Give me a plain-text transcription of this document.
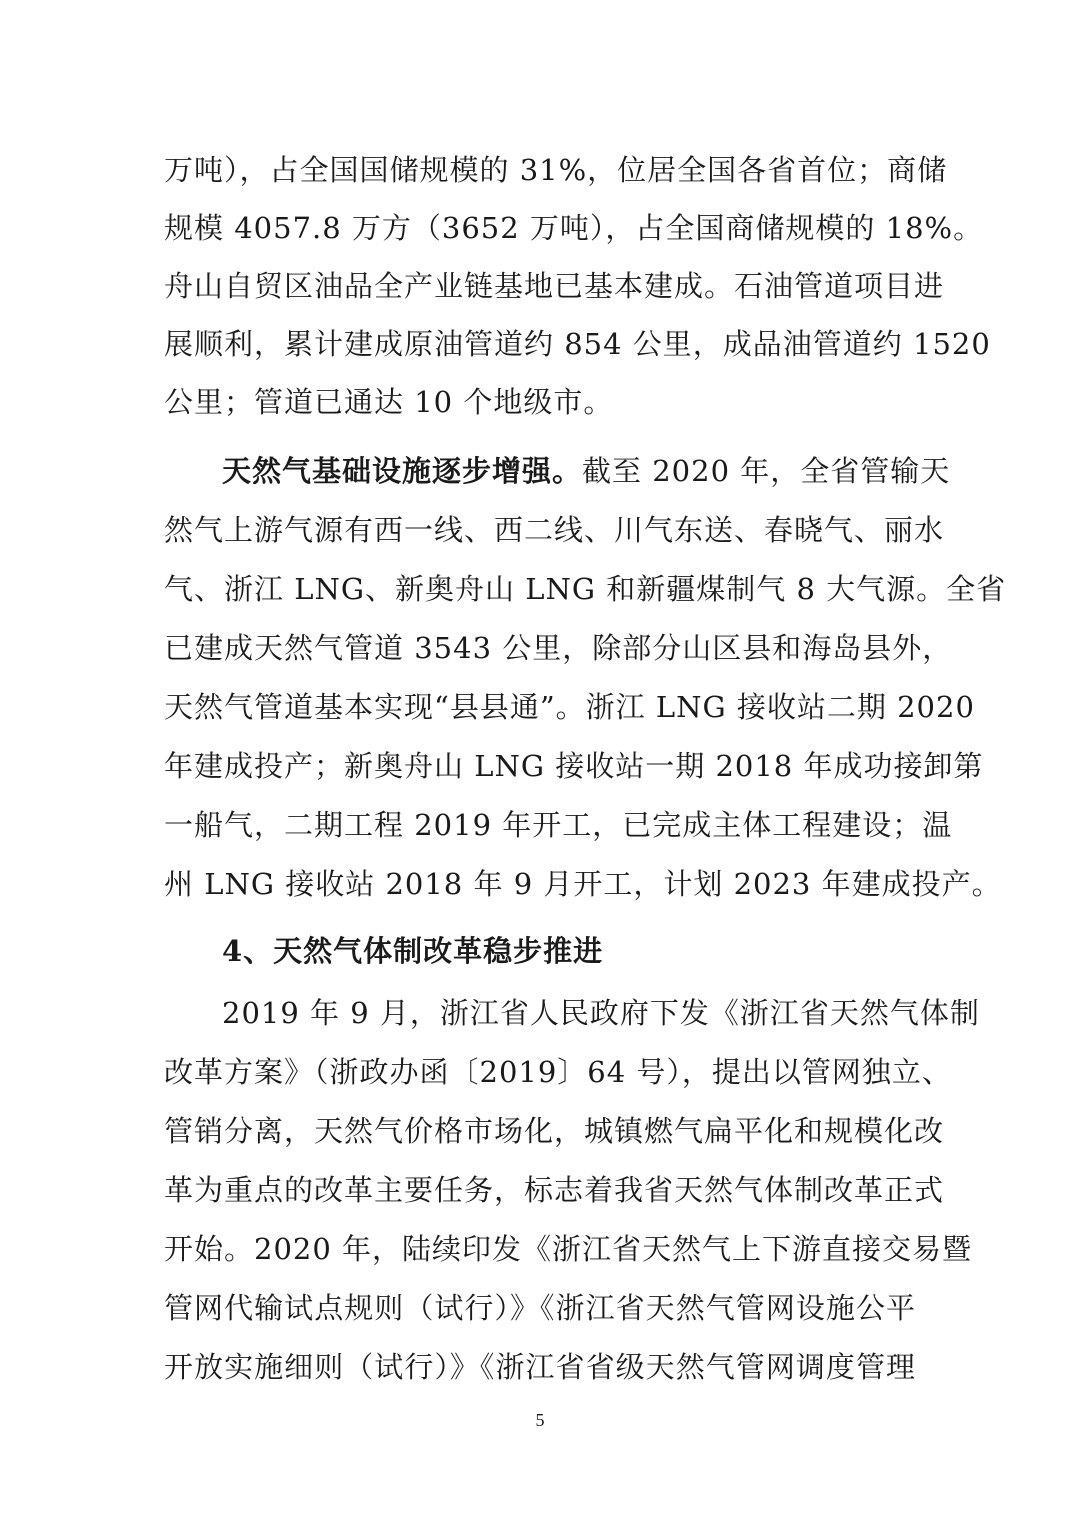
万吨），占全国国储规模的 31%，位居全国各省首位；商储
规模 4057.8 万方（3652 万吨），占全国商储规模的 18%。
舟山自贸区油品全产业链基地已基本建成。石油管道项目进
展顺利，累计建成原油管道约 854 公里，成品油管道约 1520
公里；管道已通达 10 个地级市。
天然气基础设施逐步增强。截至 2020 年，全省管输天
然气上游气源有西一线、西二线、川气东送、春晓气、丽水
气、浙江 LNG、新奥舟山 LNG 和新疆煤制气 8 大气源。全省
已建成天然气管道 3543 公里，除部分山区县和海岛县外，
天然气管道基本实现“县县通”。浙江 LNG 接收站二期 2020
年建成投产；新奥舟山 LNG 接收站一期 2018 年成功接卸第
一船气，二期工程 2019 年开工，已完成主体工程建设；温
州 LNG 接收站 2018 年 9 月开工，计划 2023 年建成投产。
4、天然气体制改革稳步推进
2019 年 9 月，浙江省人民政府下发《浙江省天然气体制
改革方案》（浙政办函〔2019〕64 号），提出以管网独立、
管销分离，天然气价格市场化，城镇燃气扁平化和规模化改
革为重点的改革主要任务，标志着我省天然气体制改革正式
开始。2020 年，陆续印发《浙江省天然气上下游直接交易暨
管网代输试点规则（试行）》《浙江省天然气管网设施公平
开放实施细则（试行）》《浙江省省级天然气管网调度管理
5
